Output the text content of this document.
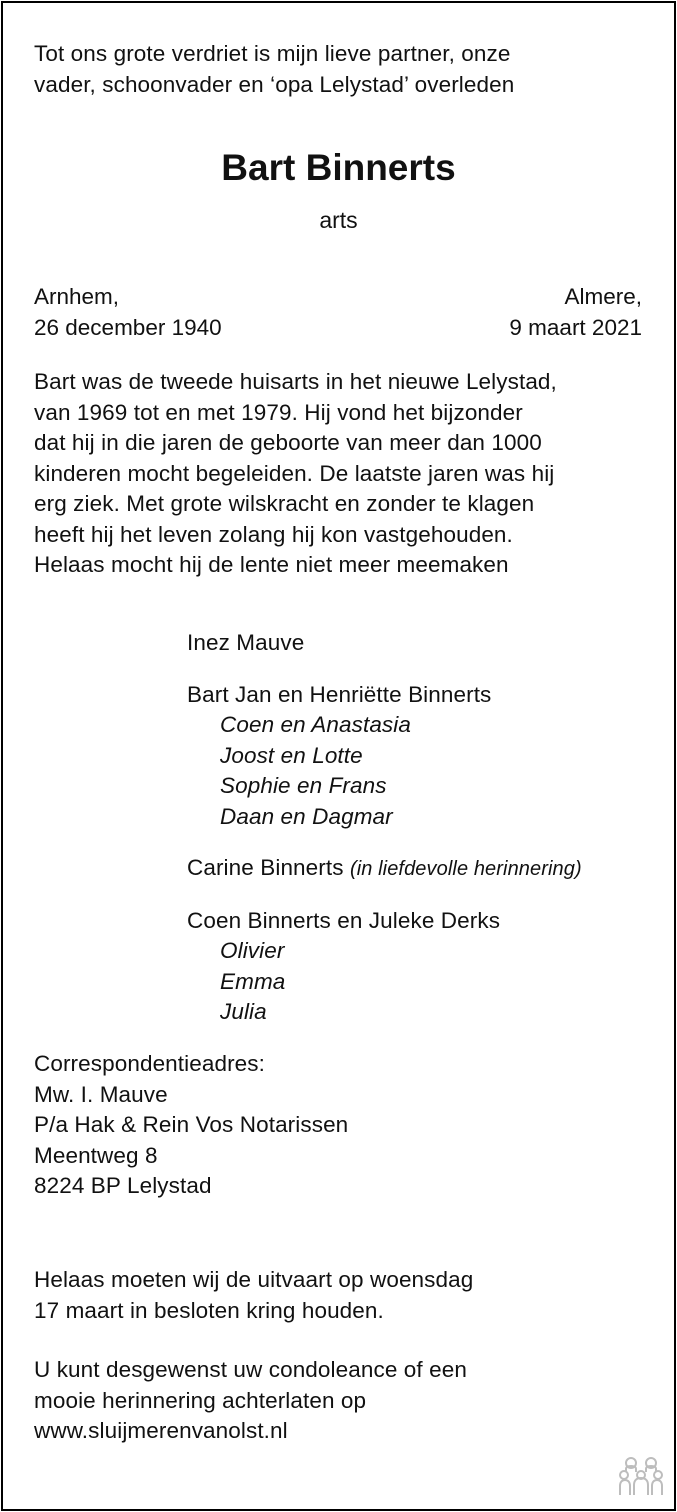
Tot ons grote verdriet is mijn lieve partner, onze
vader, schoonvader en ‘opa Lelystad’ overleden
Bart Binnerts
arts
Arnhem,
26 december 1940
Almere,
9 maart 2021
Bart was de tweede huisarts in het nieuwe Lelystad,
van 1969 tot en met 1979. Hij vond het bijzonder
dat hij in die jaren de geboorte van meer dan 1000
kinderen mocht begeleiden. De laatste jaren was hij
erg ziek. Met grote wilskracht en zonder te klagen
heeft hij het leven zolang hij kon vastgehouden.
Helaas mocht hij de lente niet meer meemaken
Inez Mauve
Bart Jan en Henriëtte Binnerts
Coen en Anastasia
Joost en Lotte
Sophie en Frans
Daan en Dagmar
Carine Binnerts (in liefdevolle herinnering)
Coen Binnerts en Juleke Derks
Olivier
Emma
Julia
Correspondentieadres:
Mw. I. Mauve
P/a Hak & Rein Vos Notarissen
Meentweg 8
8224 BP Lelystad
Helaas moeten wij de uitvaart op woensdag
17 maart in besloten kring houden.
U kunt desgewenst uw condoleance of een
mooie herinnering achterlaten op
www.sluijmerenvanolst.nl
